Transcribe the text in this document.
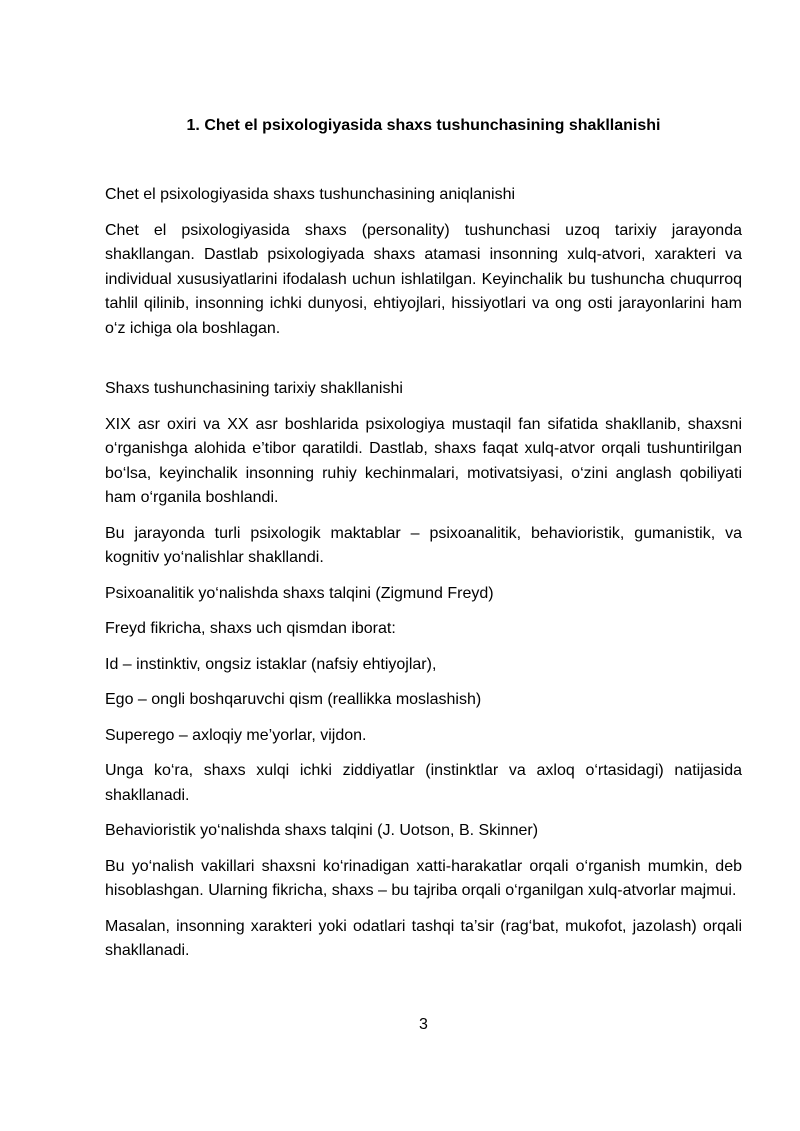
1. Chet el psixologiyasida shaxs tushunchasining shakllanishi

Chet el psixologiyasida shaxs tushunchasining aniqlanishi

Chet el psixologiyasida shaxs (personality) tushunchasi uzoq tarixiy jarayonda shakllangan. Dastlab psixologiyada shaxs atamasi insonning xulq-atvori, xarakteri va individual xususiyatlarini ifodalash uchun ishlatilgan. Keyinchalik bu tushuncha chuqurroq tahlil qilinib, insonning ichki dunyosi, ehtiyojlari, hissiyotlari va ong osti jarayonlarini ham o‘z ichiga ola boshlagan.

Shaxs tushunchasining tarixiy shakllanishi

XIX asr oxiri va XX asr boshlarida psixologiya mustaqil fan sifatida shakllanib, shaxsni o‘rganishga alohida e’tibor qaratildi. Dastlab, shaxs faqat xulq-atvor orqali tushuntirilgan bo‘lsa, keyinchalik insonning ruhiy kechinmalari, motivatsiyasi, o‘zini anglash qobiliyati ham o‘rganila boshlandi.

Bu jarayonda turli psixologik maktablar – psixoanalitik, behavioristik, gumanistik, va kognitiv yo‘nalishlar shakllandi.

Psixoanalitik yo‘nalishda shaxs talqini (Zigmund Freyd)

Freyd fikricha, shaxs uch qismdan iborat:

Id – instinktiv, ongsiz istaklar (nafsiy ehtiyojlar),

Ego – ongli boshqaruvchi qism (reallikka moslashish)

Superego – axloqiy me’yorlar, vijdon.

Unga ko‘ra, shaxs xulqi ichki ziddiyatlar (instinktlar va axloq o‘rtasidagi) natijasida shakllanadi.

Behavioristik yo‘nalishda shaxs talqini (J. Uotson, B. Skinner)

Bu yo‘nalish vakillari shaxsni ko‘rinadigan xatti-harakatlar orqali o‘rganish mumkin, deb hisoblashgan. Ularning fikricha, shaxs – bu tajriba orqali o‘rganilgan xulq-atvorlar majmui.

Masalan, insonning xarakteri yoki odatlari tashqi ta’sir (rag‘bat, mukofot, jazolash) orqali shakllanadi.

3
